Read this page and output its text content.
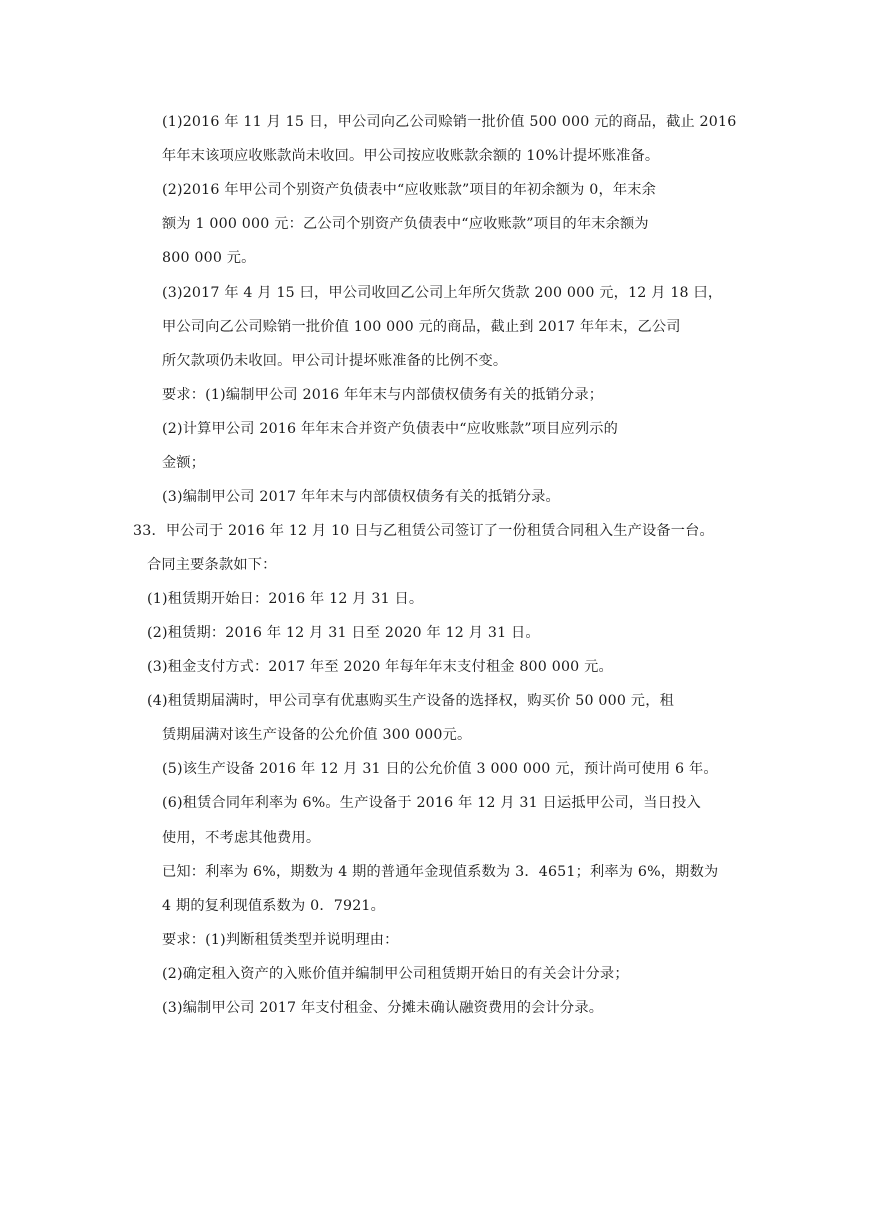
(1)2016 年 11 月 15 日，甲公司向乙公司赊销一批价值 500 000 元的商品，截止 2016
年年末该项应收账款尚未收回。甲公司按应收账款余额的 10%计提坏账准备。
(2)2016 年甲公司个别资产负债表中“应收账款”项目的年初余额为 0，年末余
额为 1 000 000 元：乙公司个别资产负债表中“应收账款”项目的年末余额为
800 000 元。
(3)2017 年 4 月 15 曰，甲公司收回乙公司上年所欠货款 200 000 元，12 月 18 曰，
甲公司向乙公司赊销一批价值 100 000 元的商品，截止到 2017 年年末，乙公司
所欠款项仍未收回。甲公司计提坏账准备的比例不变。
要求：(1)编制甲公司 2016 年年末与内部债权债务有关的抵销分录；
(2)计算甲公司 2016 年年末合并资产负债表中“应收账款”项目应列示的
金额；
(3)编制甲公司 2017 年年末与内部债权债务有关的抵销分录。
33．甲公司于 2016 年 12 月 10 日与乙租赁公司签订了一份租赁合同租入生产设备一台。
合同主要条款如下：
(1)租赁期开始日：2016 年 12 月 31 日。
(2)租赁期：2016 年 12 月 31 日至 2020 年 12 月 31 日。
(3)租金支付方式：2017 年至 2020 年每年年末支付租金 800 000 元。
(4)租赁期届满时，甲公司享有优惠购买生产设备的选择权，购买价 50 000 元，租
赁期届满对该生产设备的公允价值 300 000元。
(5)该生产设备 2016 年 12 月 31 日的公允价值 3 000 000 元，预计尚可使用 6 年。
(6)租赁合同年利率为 6%。生产设备于 2016 年 12 月 31 日运抵甲公司，当日投入
使用，不考虑其他费用。
已知：利率为 6%，期数为 4 期的普通年金现值系数为 3．4651；利率为 6%，期数为
4 期的复利现值系数为 0．7921。
要求：(1)判断租赁类型并说明理由：
(2)确定租入资产的入账价值并编制甲公司租赁期开始日的有关会计分录；
(3)编制甲公司 2017 年支付租金、分摊未确认融资费用的会计分录。
